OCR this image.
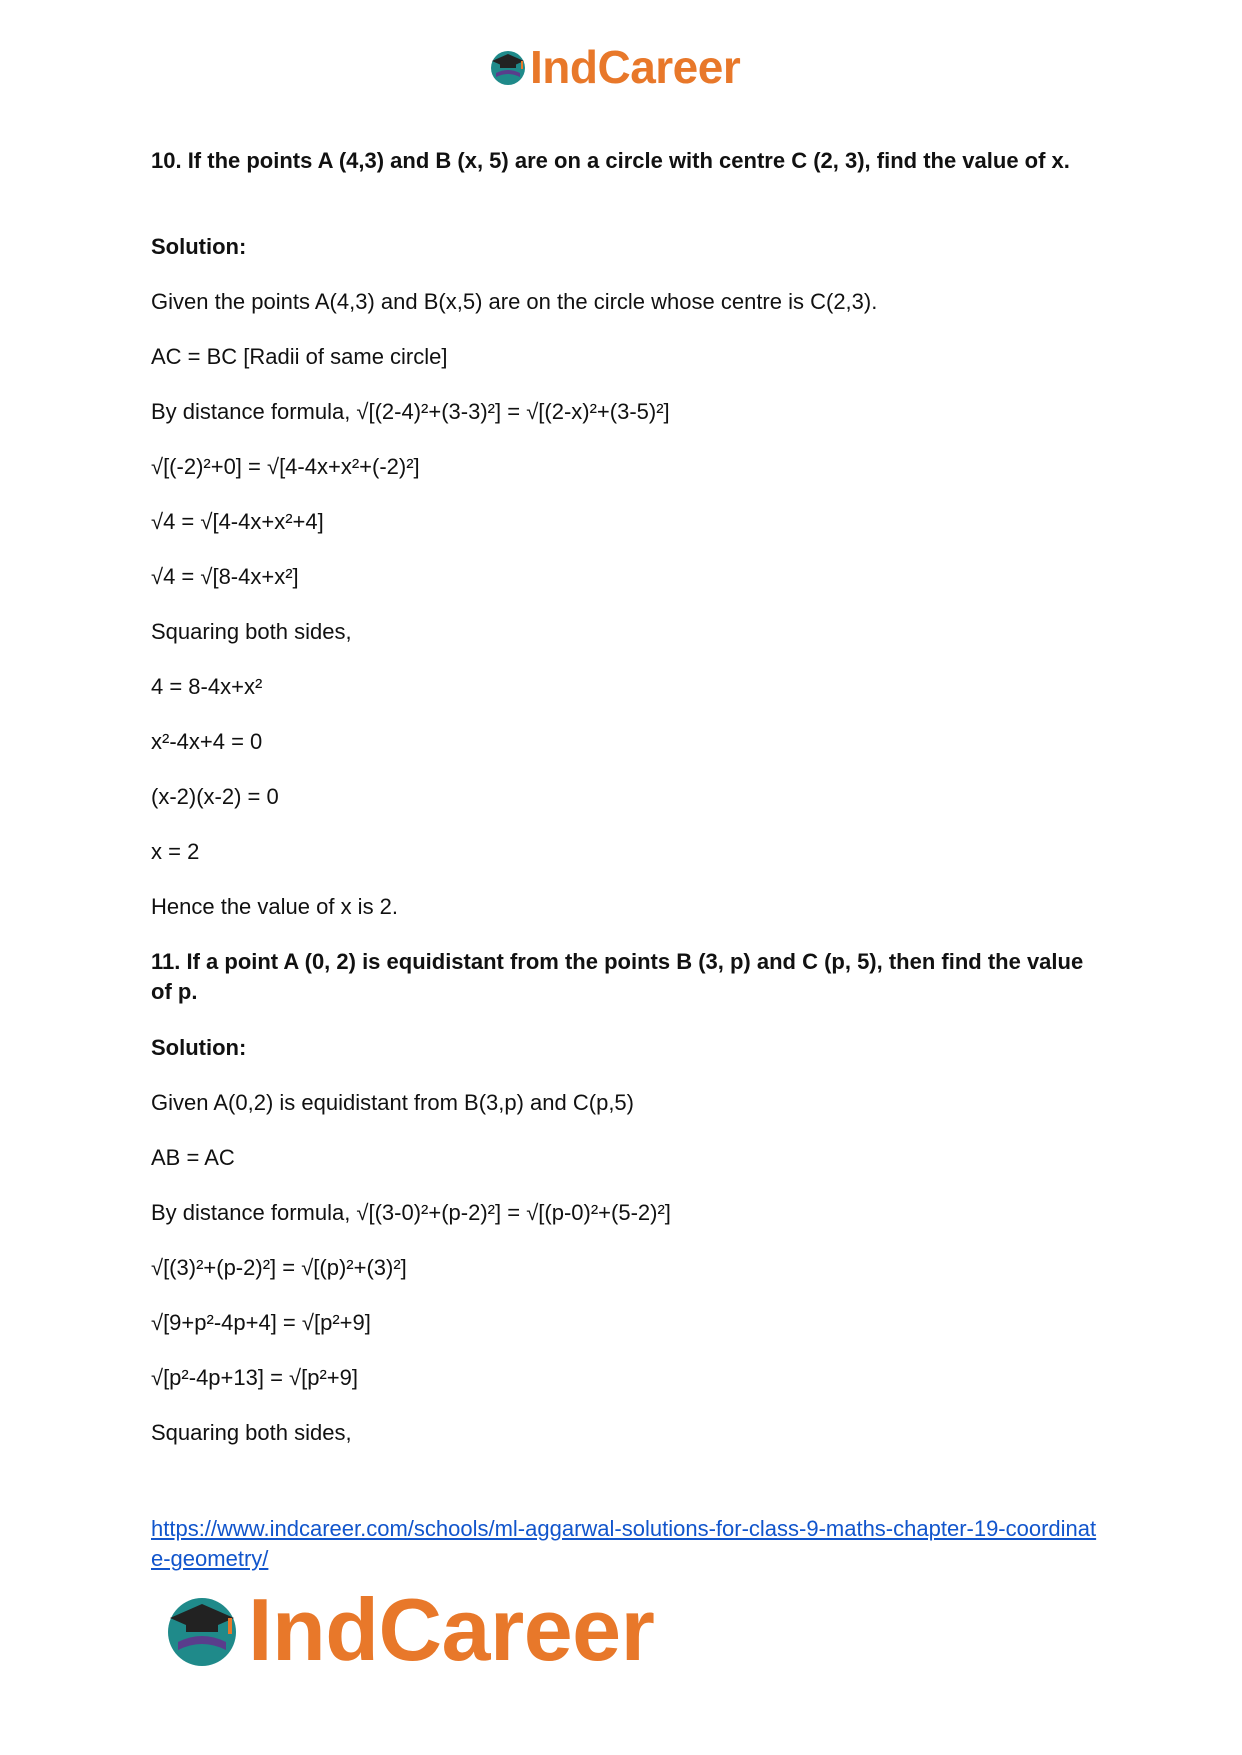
IndCareer
10. If the points A (4,3) and B (x, 5) are on a circle with centre C (2, 3), find the value of x.
Solution:
Given the points A(4,3) and B(x,5) are on the circle whose centre is C(2,3).
AC = BC [Radii of same circle]
By distance formula, √[(2-4)²+(3-3)²] = √[(2-x)²+(3-5)²]
√[(-2)²+0] = √[4-4x+x²+(-2)²]
√4 = √[4-4x+x²+4]
√4 = √[8-4x+x²]
Squaring both sides,
4 = 8-4x+x²
x²-4x+4 = 0
(x-2)(x-2) = 0
x = 2
Hence the value of x is 2.
11. If a point A (0, 2) is equidistant from the points B (3, p) and C (p, 5), then find the value of p.
Solution:
Given A(0,2) is equidistant from B(3,p) and C(p,5)
AB = AC
By distance formula, √[(3-0)²+(p-2)²] = √[(p-0)²+(5-2)²]
√[(3)²+(p-2)²] = √[(p)²+(3)²]
√[9+p²-4p+4] = √[p²+9]
√[p²-4p+13] = √[p²+9]
Squaring both sides,
https://www.indcareer.com/schools/ml-aggarwal-solutions-for-class-9-maths-chapter-19-coordinate-geometry/
IndCareer
